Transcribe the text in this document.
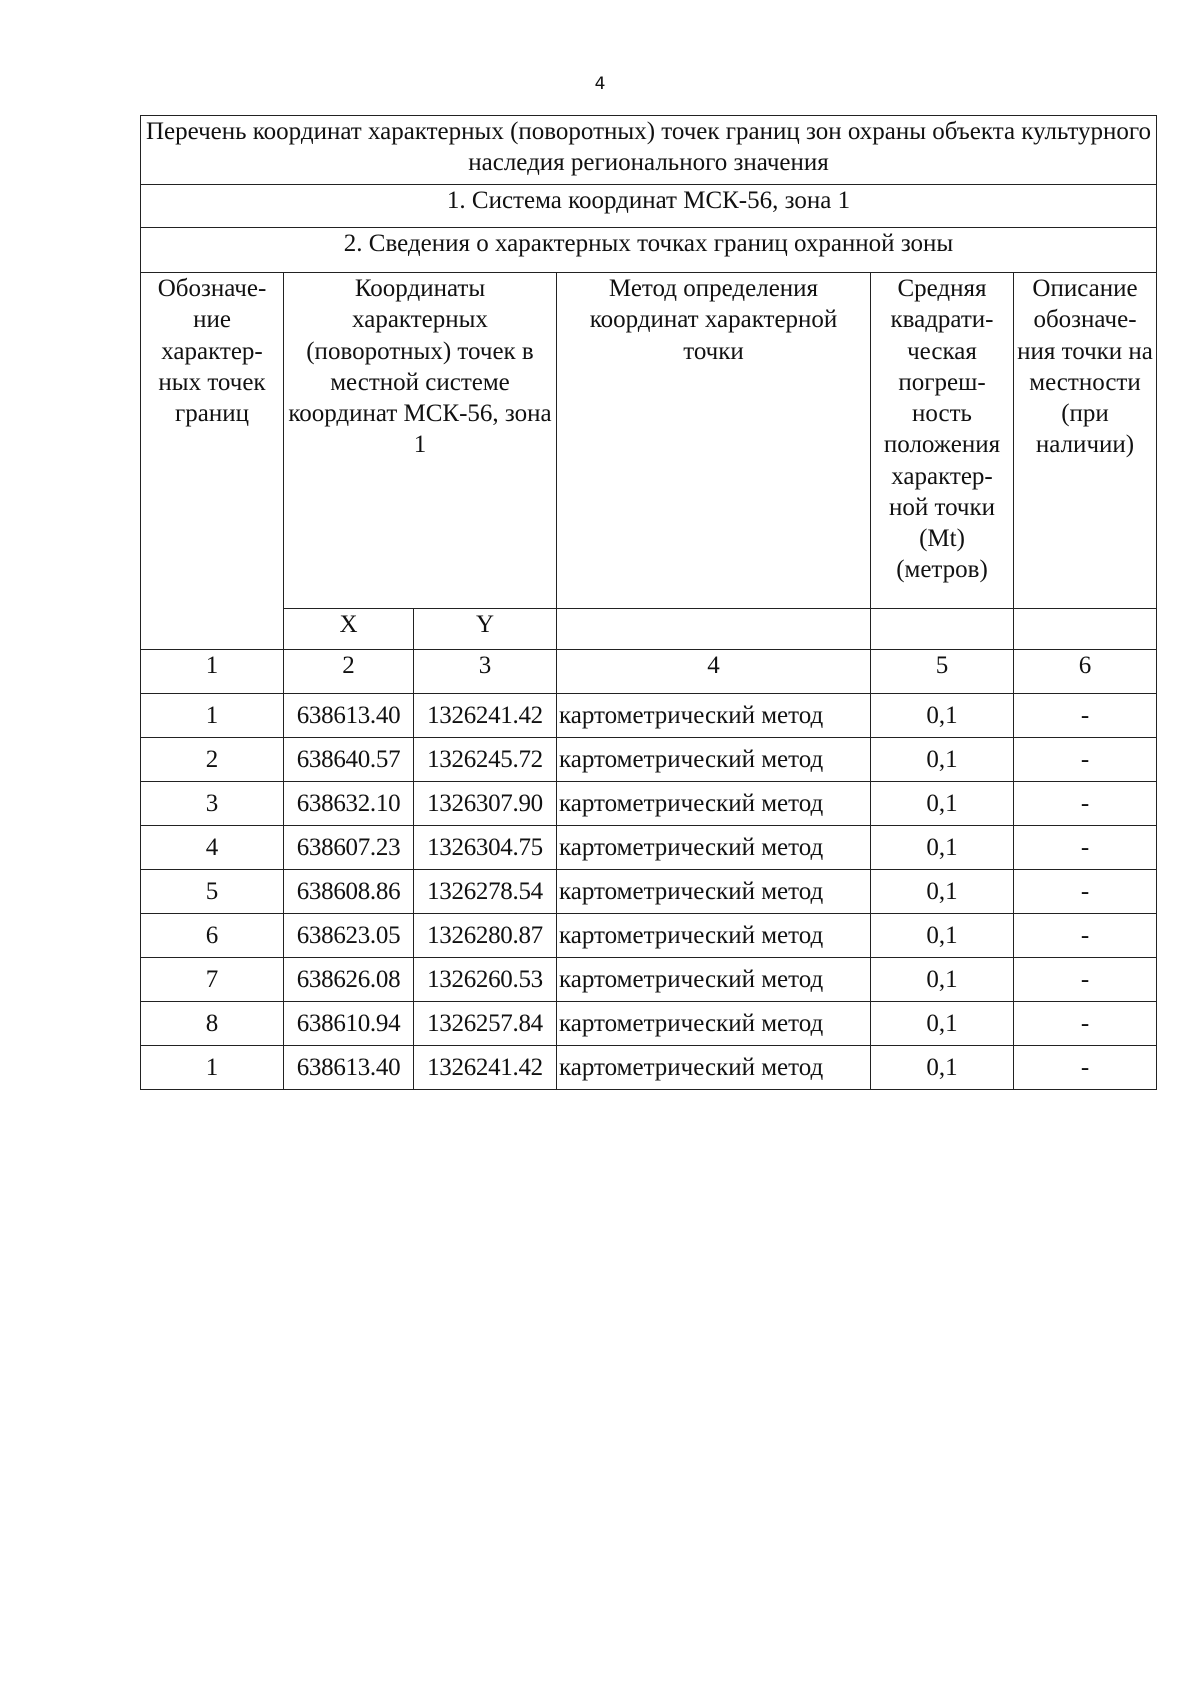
4
Перечень координат характерных (поворотных) точек границ зон охраны объекта культурного наследия регионального значения					
1. Система координат МСК-56, зона 1					
2. Сведения о характерных точках границ охранной зоны					
Обозначе-ние характер-ных точек границ	Координаты характерных (поворотных) точек в местной системе координат МСК-56, зона 1		Метод определения координат характерной точки	Средняя квадрати-ческая погреш-ность положения характер-ной точки (Mt) (метров)	Описание обозначе-ния точки на местности (при наличии)
	X	Y			
1	2	3	4	5	6
1	638613.40	1326241.42	картометрический метод	0,1	-
2	638640.57	1326245.72	картометрический метод	0,1	-
3	638632.10	1326307.90	картометрический метод	0,1	-
4	638607.23	1326304.75	картометрический метод	0,1	-
5	638608.86	1326278.54	картометрический метод	0,1	-
6	638623.05	1326280.87	картометрический метод	0,1	-
7	638626.08	1326260.53	картометрический метод	0,1	-
8	638610.94	1326257.84	картометрический метод	0,1	-
1	638613.40	1326241.42	картометрический метод	0,1	-
